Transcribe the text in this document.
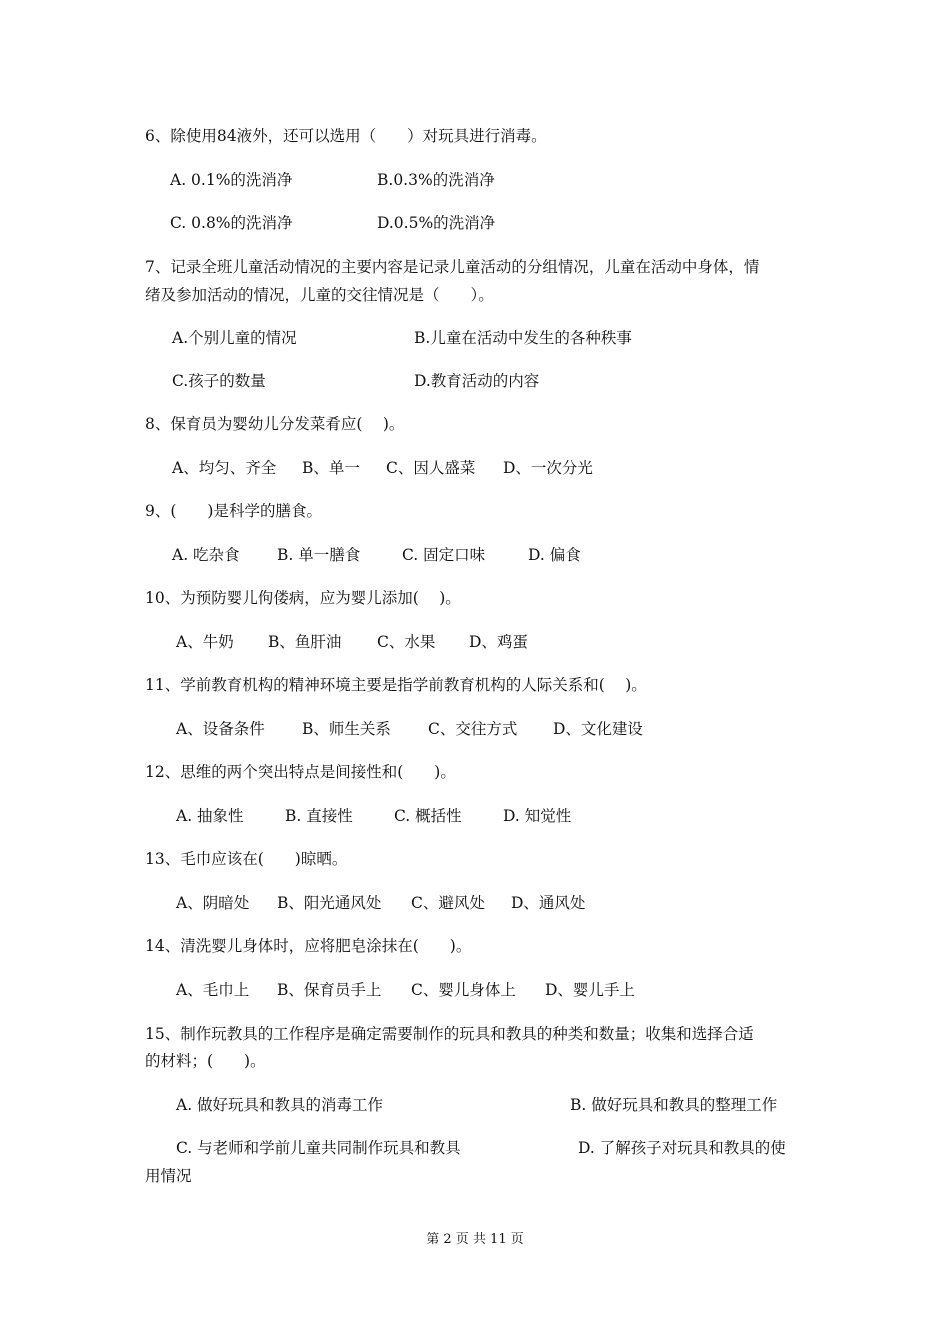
6、除使用84液外，还可以选用（　　）对玩具进行消毒。
A. 0.1%的洗消净	B.0.3%的洗消净
C. 0.8%的洗消净	D.0.5%的洗消净
7、记录全班儿童活动情况的主要内容是记录儿童活动的分组情况，儿童在活动中身体，情
绪及参加活动的情况，儿童的交往情况是（　　）。
A.个别儿童的情况	B.儿童在活动中发生的各种秩事
C.孩子的数量	D.教育活动的内容
8、保育员为婴幼儿分发菜肴应(　 )。
A、均匀、齐全 B、单一 C、因人盛菜 D、一次分光
9、(　　)是科学的膳食。
A. 吃杂食 B. 单一膳食	C. 固定口味	D. 偏食
10、为预防婴儿佝偻病，应为婴儿添加(　 )。
A、牛奶 B、鱼肝油 C、水果 D、鸡蛋
11、学前教育机构的精神环境主要是指学前教育机构的人际关系和(　 )。
A、设备条件 B、师生关系 C、交往方式 D、文化建设
12、思维的两个突出特点是间接性和(　　)。
A. 抽象性	B. 直接性	C. 概括性	D. 知觉性
13、毛巾应该在(　　)晾晒。
A、阴暗处 B、阳光通风处 C、避风处 D、通风处
14、清洗婴儿身体时，应将肥皂涂抹在(　　)。
A、毛巾上 B、保育员手上 C、婴儿身体上 D、婴儿手上
15、制作玩教具的工作程序是确定需要制作的玩具和教具的种类和数量；收集和选择合适
的材料；(　　)。
A. 做好玩具和教具的消毒工作	B. 做好玩具和教具的整理工作
C. 与老师和学前儿童共同制作玩具和教具	D. 了解孩子对玩具和教具的使
用情况
第 2 页 共 11 页
